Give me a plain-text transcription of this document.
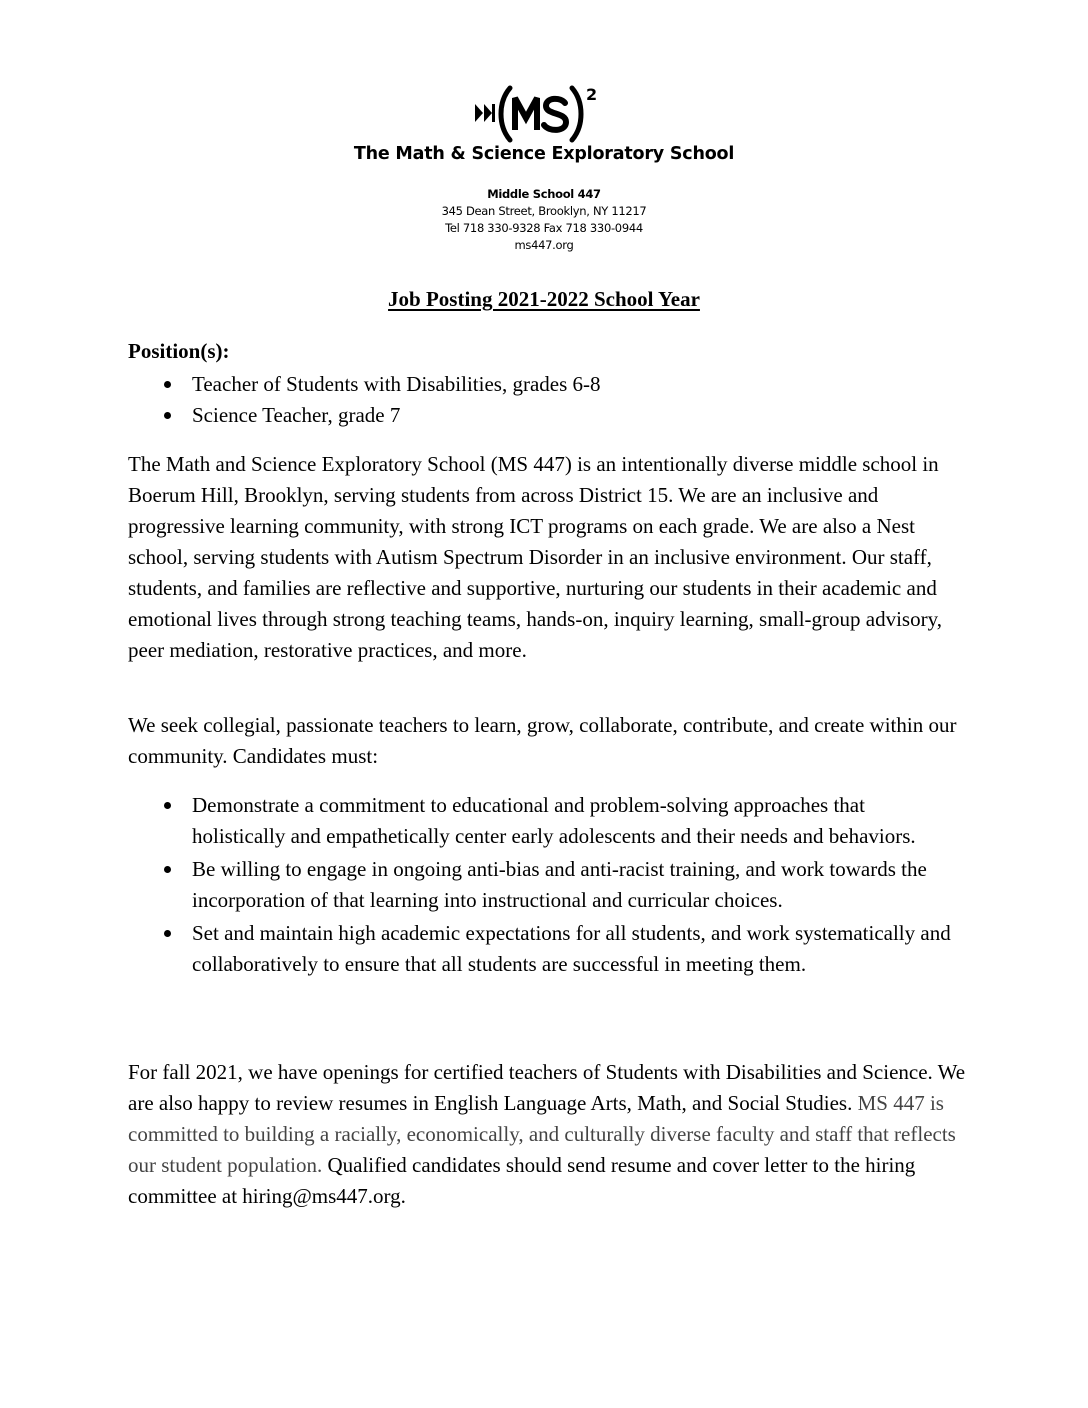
2
The Math & Science Exploratory School
Middle School 447
345 Dean Street, Brooklyn, NY 11217
Tel 718 330-9328 Fax 718 330-0944
ms447.org
Job Posting 2021-2022 School Year
Position(s):
Teacher of Students with Disabilities, grades 6-8
Science Teacher, grade 7

The Math and Science Exploratory School (MS 447) is an intentionally diverse middle school in Boerum Hill, Brooklyn, serving students from across District 15. We are an inclusive and progressive learning community, with strong ICT programs on each grade. We are also a Nest school, serving students with Autism Spectrum Disorder in an inclusive environment. Our staff, students, and families are reflective and supportive, nurturing our students in their academic and emotional lives through strong teaching teams, hands-on, inquiry learning, small-group advisory, peer mediation, restorative practices, and more.

We seek collegial, passionate teachers to learn, grow, collaborate, contribute, and create within our community. Candidates must:

Demonstrate a commitment to educational and problem-solving approaches that holistically and empathetically center early adolescents and their needs and behaviors.
Be willing to engage in ongoing anti-bias and anti-racist training, and work towards the incorporation of that learning into instructional and curricular choices.
Set and maintain high academic expectations for all students, and work systematically and collaboratively to ensure that all students are successful in meeting them.

For fall 2021, we have openings for certified teachers of Students with Disabilities and Science. We are also happy to review resumes in English Language Arts, Math, and Social Studies. MS 447 is committed to building a racially, economically, and culturally diverse faculty and staff that reflects our student population. Qualified candidates should send resume and cover letter to the hiring committee at hiring@ms447.org.
